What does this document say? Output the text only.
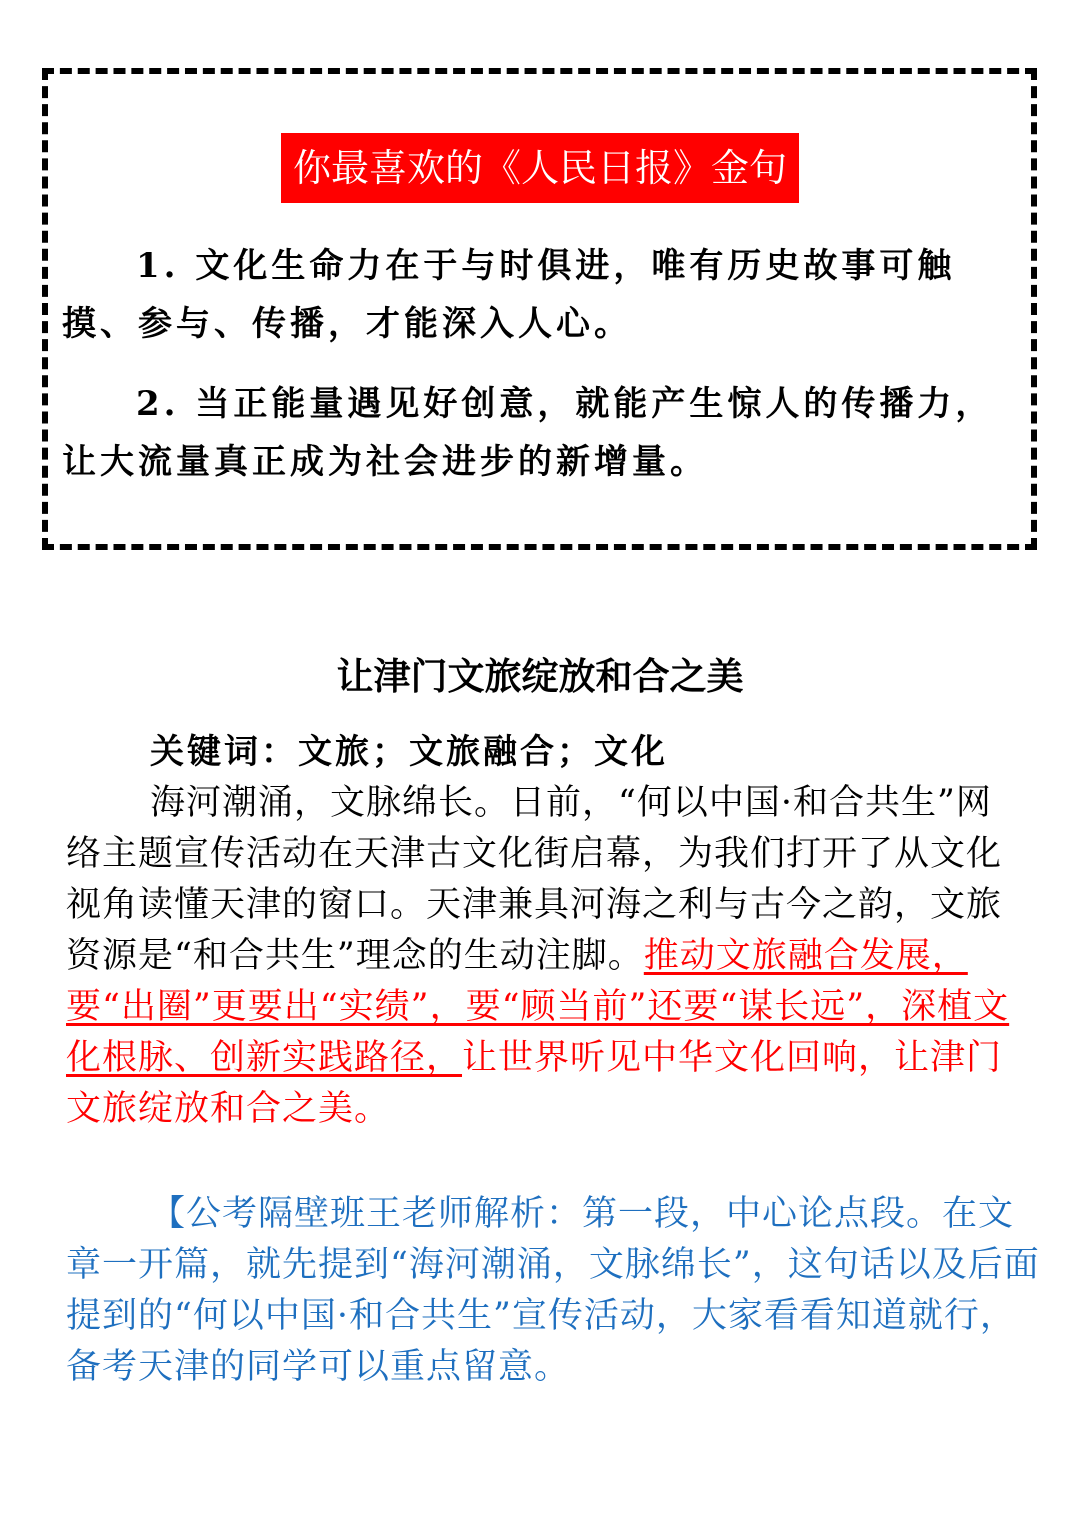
你最喜欢的《人民日报》金句

1. 文化生命力在于与时俱进，唯有历史故事可触摸、参与、传播，才能深入人心。

2. 当正能量遇见好创意，就能产生惊人的传播力，让大流量真正成为社会进步的新增量。

让津门文旅绽放和合之美

关键词：文旅；文旅融合；文化

海河潮涌，文脉绵长。日前，“何以中国·和合共生”网络主题宣传活动在天津古文化街启幕，为我们打开了从文化视角读懂天津的窗口。天津兼具河海之利与古今之韵，文旅资源是“和合共生”理念的生动注脚。推动文旅融合发展，要“出圈”更要出“实绩”，要“顾当前”还要“谋长远”，深植文化根脉、创新实践路径，让世界听见中华文化回响，让津门文旅绽放和合之美。

【公考隔壁班王老师解析：第一段，中心论点段。在文章一开篇，就先提到“海河潮涌，文脉绵长”，这句话以及后面提到的“何以中国·和合共生”宣传活动，大家看看知道就行，备考天津的同学可以重点留意。
